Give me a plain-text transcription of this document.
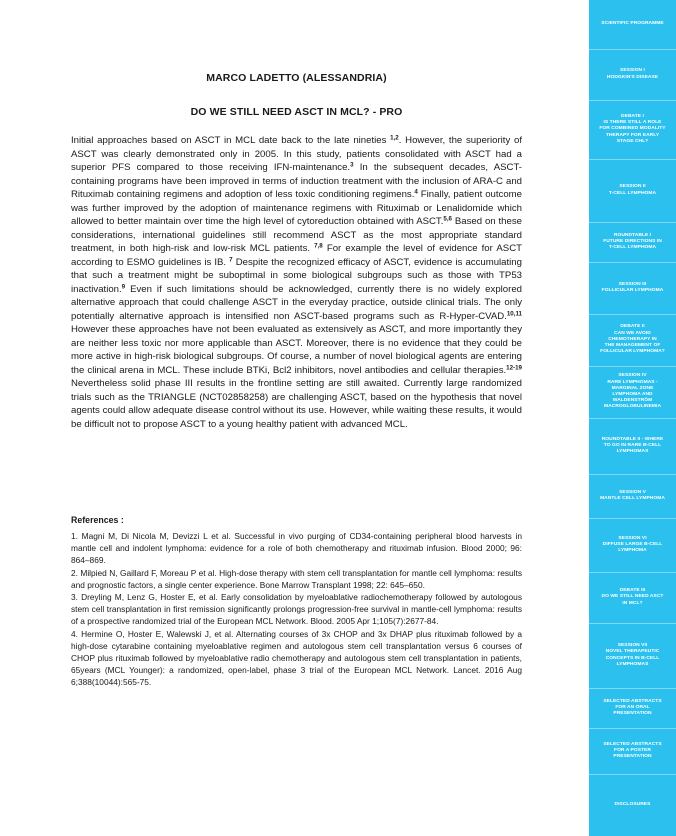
MARCO LADETTO (ALESSANDRIA)
DO WE STILL NEED ASCT IN MCL? - PRO

Initial approaches based on ASCT in MCL date back to the late nineties $^{1,2}$. However, the superiority of ASCT was clearly demonstrated only in 2005. In this study, patients consolidated with ASCT had a superior PFS compared to those receiving IFN-maintenance.$^3$ In the subsequent decades, ASCT-containing programs have been improved in terms of induction treatment with the inclusion of ARA-C and Rituximab containing regimens and adoption of less toxic conditioning regimens.$^4$ Finally, patient outcome was further improved by the adoption of maintenance regimens with Rituximab or Lenalidomide which allowed to better maintain over time the high level of cytoreduction obtained with ASCT.$^{5,6}$ Based on these considerations, international guidelines still recommend ASCT as the most appropriate standard treatment, in both high-risk and low-risk MCL patients. $^{7,8}$ For example the level of evidence for ASCT according to ESMO guidelines is IB. $^7$ Despite the recognized efficacy of ASCT, evidence is accumulating that such a treatment might be suboptimal in some biological subgroups such as those with TP53 inactivation.$^9$ Even if such limitations should be acknowledged, currently there is no widely explored alternative approach that could challenge ASCT in the everyday practice, outside clinical trials. The only potentially alternative approach is intensified non ASCT-based programs such as R-Hyper-CVAD.$^{10,11}$ However these approaches have not been evaluated as extensively as ASCT, and more importantly they are neither less toxic nor more applicable than ASCT. Moreover, there is no evidence that they could be more active in high-risk biological subgroups. Of course, a number of novel biological agents are entering the clinical arena in MCL. These include BTKi, Bcl2 inhibitors, novel antibodies and cellular therapies.$^{12-19}$ Nevertheless solid phase III results in the frontline setting are still awaited. Currently large randomized trials such as the TRIANGLE (NCT02858258) are challenging ASCT, based on the hypothesis that novel agents could allow adequate disease control without its use. However, while waiting these results, it would be difficult not to propose ASCT to a young healthy patient with advanced MCL.

References :
1. Magni M, Di Nicola M, Devizzi L et al. Successful in vivo purging of CD34-containing peripheral blood harvests in mantle cell and indolent lymphoma: evidence for a role of both chemotherapy and rituximab infusion. Blood 2000; 96: 864–869.
2. Milpied N, Gaillard F, Moreau P et al. High-dose therapy with stem cell transplantation for mantle cell lymphoma: results and prognostic factors, a single center experience. Bone Marrow Transplant 1998; 22: 645–650.
3. Dreyling M, Lenz G, Hoster E, et al. Early consolidation by myeloablative radiochemotherapy followed by autologous stem cell transplantation in first remission significantly prolongs progression-free survival in mantle-cell lymphoma: results of a prospective randomized trial of the European MCL Network. Blood. 2005 Apr 1;105(7):2677-84.
4. Hermine O, Hoster E, Walewski J, et al. Alternating courses of 3x CHOP and 3x DHAP plus rituximab followed by a high-dose cytarabine containing myeloablative regimen and autologous stem cell transplantation versus 6 courses of CHOP plus rituximab followed by myeloablative radio chemotherapy and autologous stem cell transplantation in patients, 65years (MCL Younger): a randomized, open-label, phase 3 trial of the European MCL Network. Lancet. 2016 Aug 6;388(10044):565-75.
SCIENTIFIC PROGRAMME
SESSION I
HODGKIN'S DISEASE
DEBATE I
IS THERE STILL A ROLE
FOR COMBINED MODALITY
THERAPY FOR EARLY
STAGE CHL?
SESSION II
T-CELL LYMPHOMA
ROUNDTABLE I
FUTURE DIRECTIONS IN
T-CELL LYMPHOMA
SESSION III
FOLLICULAR LYMPHOMA
DEBATE II
CAN WE AVOID
CHEMOTHERAPY IN
THE MANAGEMENT OF
FOLLICULAR LYMPHOMA?
SESSION IV
RARE LYMPHOMAS -
MARGINAL ZONE
LYMPHOMA AND
WALDENSTRÖM
MACROGLOBULINEMIA
ROUNDTABLE II - WHERE
TO GO IN RARE B-CELL
LYMPHOMAS
SESSION V
MANTLE CELL LYMPHOMA
SESSION VI
DIFFUSE LARGE B-CELL
LYMPHOMA
DEBATE III
DO WE STILL NEED ASCT
IN MCL?
SESSION VII
NOVEL THERAPEUTIC
CONCEPTS IN B-CELL
LYMPHOMAS
SELECTED ABSTRACTS
FOR AN ORAL
PRESENTATION
SELECTED ABSTRACTS
FOR A POSTER
PRESENTATION
DISCLOSURES
